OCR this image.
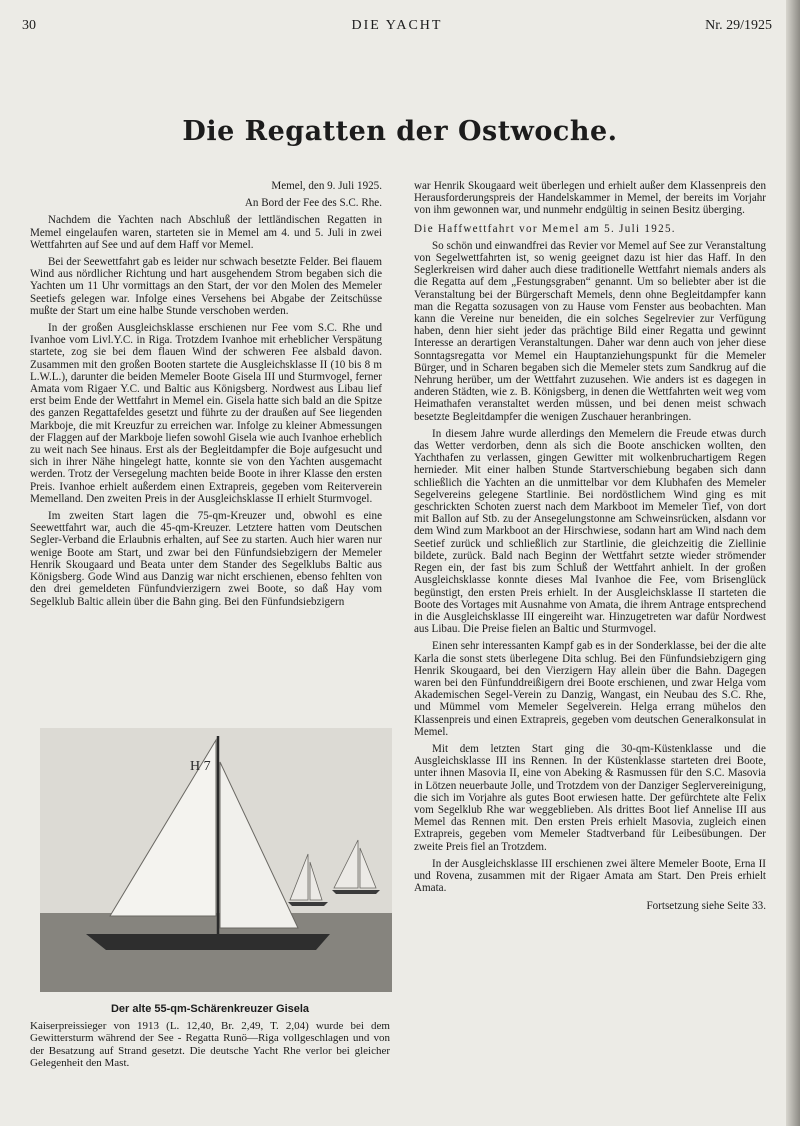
30	DIE YACHT	Nr. 29/1925
Die Regatten der Ostwoche.

Memel, den 9. Juli 1925.

An Bord der Fee des S.C. Rhe.

Nachdem die Yachten nach Abschluß der lettländischen Regatten in Memel eingelaufen waren, starteten sie in Memel am 4. und 5. Juli in zwei Wettfahrten auf See und auf dem Haff vor Memel.

Bei der Seewettfahrt gab es leider nur schwach besetzte Felder. Bei flauem Wind aus nördlicher Richtung und hart ausgehendem Strom begaben sich die Yachten um 11 Uhr vormittags an den Start, der vor den Molen des Memeler Seetiefs gelegen war. Infolge eines Versehens bei Abgabe der Zeitschüsse mußte der Start um eine halbe Stunde verschoben werden.

In der großen Ausgleichsklasse erschienen nur Fee vom S.C. Rhe und Ivanhoe vom Livl.Y.C. in Riga. Trotzdem Ivanhoe mit erheblicher Verspätung startete, zog sie bei dem flauen Wind der schweren Fee alsbald davon. Zusammen mit den großen Booten startete die Ausgleichsklasse II (10 bis 8 m L.W.L.), darunter die beiden Memeler Boote Gisela III und Sturmvogel, ferner Amata vom Rigaer Y.C. und Baltic aus Königsberg. Nordwest aus Libau lief erst beim Ende der Wettfahrt in Memel ein. Gisela hatte sich bald an die Spitze des ganzen Regattafeldes gesetzt und führte zu der draußen auf See liegenden Markboje, die mit Kreuzfur zu erreichen war. Infolge zu kleiner Abmessungen der Flaggen auf der Markboje liefen sowohl Gisela wie auch Ivanhoe erheblich zu weit nach See hinaus. Erst als der Begleitdampfer die Boje aufgesucht und sich in ihrer Nähe hingelegt hatte, konnte sie von den Yachten ausgemacht werden. Trotz der Versegelung machten beide Boote in ihrer Klasse den ersten Preis. Ivanhoe erhielt außerdem einen Extrapreis, gegeben vom Reiterverein Memelland. Den zweiten Preis in der Ausgleichsklasse II erhielt Sturmvogel.

Im zweiten Start lagen die 75-qm-Kreuzer und, obwohl es eine Seewettfahrt war, auch die 45-qm-Kreuzer. Letztere hatten vom Deutschen Segler-Verband die Erlaubnis erhalten, auf See zu starten. Auch hier waren nur wenige Boote am Start, und zwar bei den Fünfundsiebzigern der Memeler Henrik Skougaard und Beata unter dem Stander des Segelklubs Baltic aus Königsberg. Gode Wind aus Danzig war nicht erschienen, ebenso fehlten von den drei gemeldeten Fünfundvierzigern zwei Boote, so daß Hay vom Segelklub Baltic allein über die Bahn ging. Bei den Fünfundsiebzigern

H 7
Der alte 55-qm-Schärenkreuzer Gisela
Kaiserpreissieger von 1913 (L. 12,40, Br. 2,49, T. 2,04) wurde bei dem Gewittersturm während der See - Regatta Runö—Riga vollgeschlagen und von der Besatzung auf Strand gesetzt. Die deutsche Yacht Rhe verlor bei gleicher Gelegenheit den Mast.

war Henrik Skougaard weit überlegen und erhielt außer dem Klassenpreis den Herausforderungspreis der Handelskammer in Memel, der bereits im Vorjahr von ihm gewonnen war, und nunmehr endgültig in seinen Besitz überging.

Die Haffwettfahrt vor Memel am 5. Juli 1925.

So schön und einwandfrei das Revier vor Memel auf See zur Veranstaltung von Segelwettfahrten ist, so wenig geeignet dazu ist hier das Haff. In den Seglerkreisen wird daher auch diese traditionelle Wettfahrt niemals anders als die Regatta auf dem „Festungsgraben“ genannt. Um so beliebter aber ist die Veranstaltung bei der Bürgerschaft Memels, denn ohne Begleitdampfer kann man die Regatta sozusagen von zu Hause vom Fenster aus beobachten. Man kann die Vereine nur beneiden, die ein solches Segelrevier zur Verfügung haben, denn hier sieht jeder das prächtige Bild einer Regatta und gewinnt Interesse an derartigen Veranstaltungen. Daher war denn auch von jeher diese Sonntagsregatta vor Memel ein Hauptanziehungspunkt für die Memeler Bürger, und in Scharen begaben sich die Memeler stets zum Sandkrug auf die Nehrung herüber, um der Wettfahrt zuzusehen. Wie anders ist es dagegen in anderen Städten, wie z. B. Königsberg, in denen die Wettfahrten weit weg vom Heimathafen veranstaltet werden müssen, und bei denen meist schwach besetzte Begleitdampfer die wenigen Zuschauer heranbringen.

In diesem Jahre wurde allerdings den Memelern die Freude etwas durch das Wetter verdorben, denn als sich die Boote anschicken wollten, den Yachthafen zu verlassen, gingen Gewitter mit wolkenbruchartigem Regen hernieder. Mit einer halben Stunde Startverschiebung begaben sich dann schließlich die Yachten an die unmittelbar vor dem Klubhafen des Memeler Segelvereins gelegene Startlinie. Bei nordöstlichem Wind ging es mit geschrickten Schoten zuerst nach dem Markboot im Memeler Tief, von dort mit Ballon auf Stb. zu der Ansegelungstonne am Schweinsrücken, alsdann vor dem Wind zum Markboot an der Hirschwiese, sodann hart am Wind nach dem Seetief zurück und schließlich zur Startlinie, die gleichzeitig die Ziellinie bildete, zurück. Bald nach Beginn der Wettfahrt setzte wieder strömender Regen ein, der fast bis zum Schluß der Wettfahrt anhielt. In der großen Ausgleichsklasse konnte dieses Mal Ivanhoe die Fee, vom Brisenglück begünstigt, den ersten Preis erhielt. In der Ausgleichsklasse II starteten die Boote des Vortages mit Ausnahme von Amata, die ihrem Antrage entsprechend in die Ausgleichsklasse III eingereiht war. Hinzugetreten war dafür Nordwest aus Libau. Die Preise fielen an Baltic und Sturmvogel.

Einen sehr interessanten Kampf gab es in der Sonderklasse, bei der die alte Karla die sonst stets überlegene Dita schlug. Bei den Fünfundsiebzigern ging Henrik Skougaard, bei den Vierzigern Hay allein über die Bahn. Dagegen waren bei den Fünfunddreißigern drei Boote erschienen, und zwar Helga vom Akademischen Segel-Verein zu Danzig, Wangast, ein Neubau des S.C. Rhe, und Mümmel vom Memeler Segelverein. Helga errang mühelos den Klassenpreis und einen Extrapreis, gegeben vom deutschen Generalkonsulat in Memel.

Mit dem letzten Start ging die 30-qm-Küstenklasse und die Ausgleichsklasse III ins Rennen. In der Küstenklasse starteten drei Boote, unter ihnen Masovia II, eine von Abeking & Rasmussen für den S.C. Masovia in Lötzen neuerbaute Jolle, und Trotzdem von der Danziger Seglervereinigung, die sich im Vorjahre als gutes Boot erwiesen hatte. Der gefürchtete alte Felix vom Segelklub Rhe war weggeblieben. Als drittes Boot lief Annelise III aus Memel das Rennen mit. Den ersten Preis erhielt Masovia, zugleich einen Extrapreis, gegeben vom Memeler Stadtverband für Leibesübungen. Der zweite Preis fiel an Trotzdem.

In der Ausgleichsklasse III erschienen zwei ältere Memeler Boote, Erna II und Rovena, zusammen mit der Rigaer Amata am Start. Den Preis erhielt Amata.

Fortsetzung siehe Seite 33.
